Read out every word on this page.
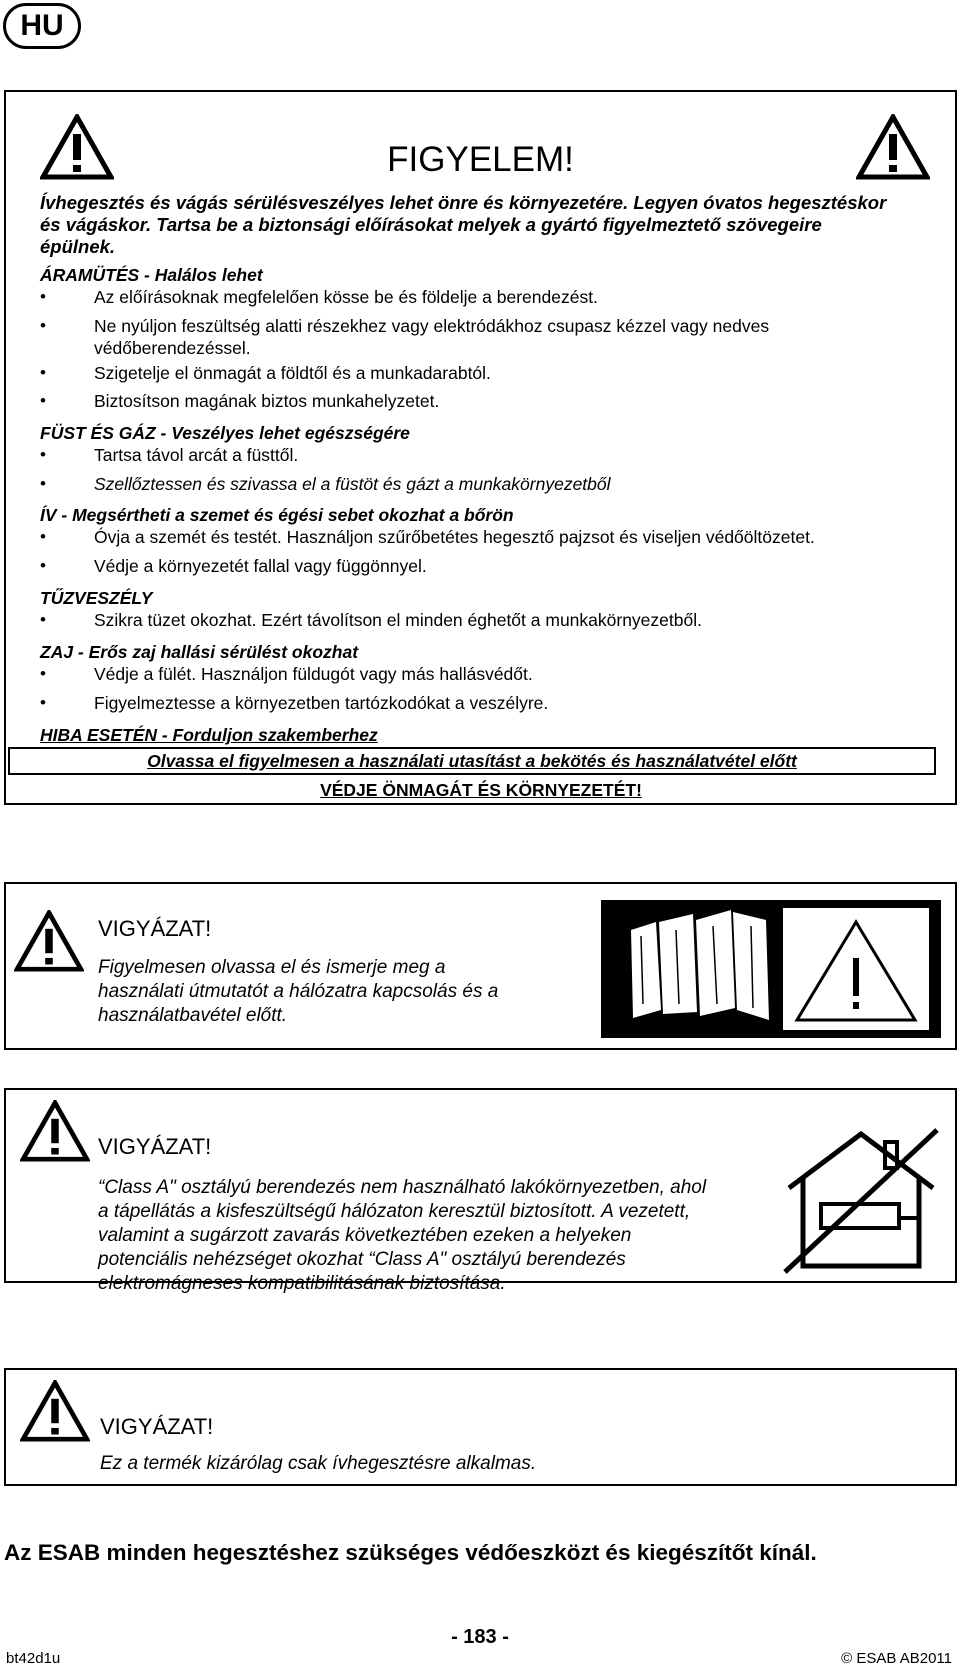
HU
FIGYELEM!
Ívhegesztés és vágás sérülésveszélyes lehet önre és környezetére. Legyen óvatos hegesztéskor
és vágáskor. Tartsa be a biztonsági előírásokat melyek a gyártó figyelmeztető szövegeire
épülnek.
ÁRAMÜTÉS - Halálos lehet
•	Az előírásoknak megfelelően kösse be és földelje a berendezést.
•	Ne nyúljon feszültség alatti részekhez vagy elektródákhoz csupasz kézzel vagy nedves
védőberendezéssel.
•	Szigetelje el önmagát a földtől és a munkadarabtól.
•	Biztosítson magának biztos munkahelyzetet.
FÜST ÉS GÁZ - Veszélyes lehet egészségére
•	Tartsa távol arcát a füsttől.
•	Szellőztessen és szivassa el a füstöt és gázt a munkakörnyezetből
ÍV - Megsértheti a szemet és égési sebet okozhat a bőrön
•	Óvja a szemét és testét. Használjon szűrőbetétes hegesztő pajzsot és viseljen védőöltözetet.
•	Védje a környezetét fallal vagy függönnyel.
TŰZVESZÉLY
•	Szikra tüzet okozhat. Ezért távolítson el minden éghetőt a munkakörnyezetből.
ZAJ - Erős zaj hallási sérülést okozhat
•	Védje a fülét. Használjon füldugót vagy más hallásvédőt.
•	Figyelmeztesse a környezetben tartózkodókat a veszélyre.
HIBA ESETÉN - Forduljon szakemberhez
Olvassa el figyelmesen a használati utasítást a bekötés és használatvétel előtt
VÉDJE ÖNMAGÁT ÉS KÖRNYEZETÉT!
VIGYÁZAT!
Figyelmesen olvassa el és ismerje meg a
használati útmutatót a hálózatra kapcsolás és a
használatbavétel előtt.
VIGYÁZAT!
“Class A" osztályú berendezés nem használható lakókörnyezetben, ahol
a tápellátás a kisfeszültségű hálózaton keresztül biztosított. A vezetett,
valamint a sugárzott zavarás következtében ezeken a helyeken
potenciális nehézséget okozhat “Class A" osztályú berendezés
elektromágneses kompatibilitásának biztosítása.
VIGYÁZAT!
Ez a termék kizárólag csak ívhegesztésre alkalmas.
Az ESAB minden hegesztéshez szükséges védőeszközt és kiegészítőt kínál.
- 183 -
bt42d1u	© ESAB AB2011
